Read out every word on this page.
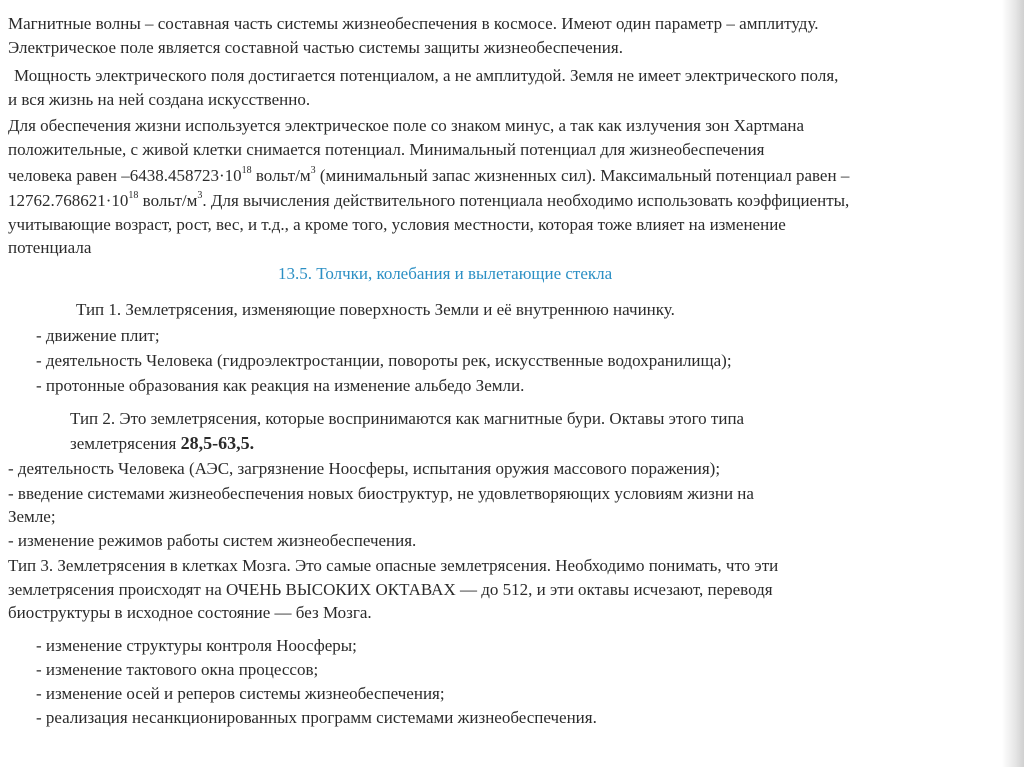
Магнитные волны – составная часть системы жизнеобеспечения в космосе. Имеют один параметр – амплитуду.
Электрическое поле является составной частью системы защиты жизнеобеспечения.
Мощность электрического поля достигается потенциалом, а не амплитудой. Земля не имеет электрического поля,
и вся жизнь на ней создана искусственно.
Для обеспечения жизни используется электрическое поле со знаком минус, а так как излучения зон Хартмана
положительные, с живой клетки снимается потенциал. Минимальный потенциал для жизнеобеспечения
человека равен $-6438.458723\cdot 10^{18}$ вольт/$м^3$ (минимальный запас жизненных сил). Максимальный потенциал равен –
$12762.768621\cdot 10^{18}$ вольт/$м^3$. Для вычисления действительного потенциала необходимо использовать коэффициенты,
учитывающие возраст, рост, вес, и т.д., а кроме того, условия местности, которая тоже влияет на изменение
потенциала
13.5. Толчки, колебания и вылетающие стекла
Тип 1. Землетрясения, изменяющие поверхность Земли и её внутреннюю начинку.
- движение плит;
- деятельность Человека (гидроэлектростанции, повороты рек, искусственные водохранилища);
- протонные образования как реакция на изменение альбедо Земли.
Тип 2. Это землетрясения, которые воспринимаются как магнитные бури. Октавы этого типа
землетрясения 28,5-63,5.
- деятельность Человека (АЭС, загрязнение Ноосферы, испытания оружия массового поражения);
- введение системами жизнеобеспечения новых биоструктур, не удовлетворяющих условиям жизни на
Земле;
- изменение режимов работы систем жизнеобеспечения.
Тип 3. Землетрясения в клетках Мозга. Это самые опасные землетрясения. Необходимо понимать, что эти
землетрясения происходят на ОЧЕНЬ ВЫСОКИХ ОКТАВАХ — до 512, и эти октавы исчезают, переводя
биоструктуры в исходное состояние — без Мозга.
- изменение структуры контроля Ноосферы;
- изменение тактового окна процессов;
- изменение осей и реперов системы жизнеобеспечения;
- реализация несанкционированных программ системами жизнеобеспечения.
